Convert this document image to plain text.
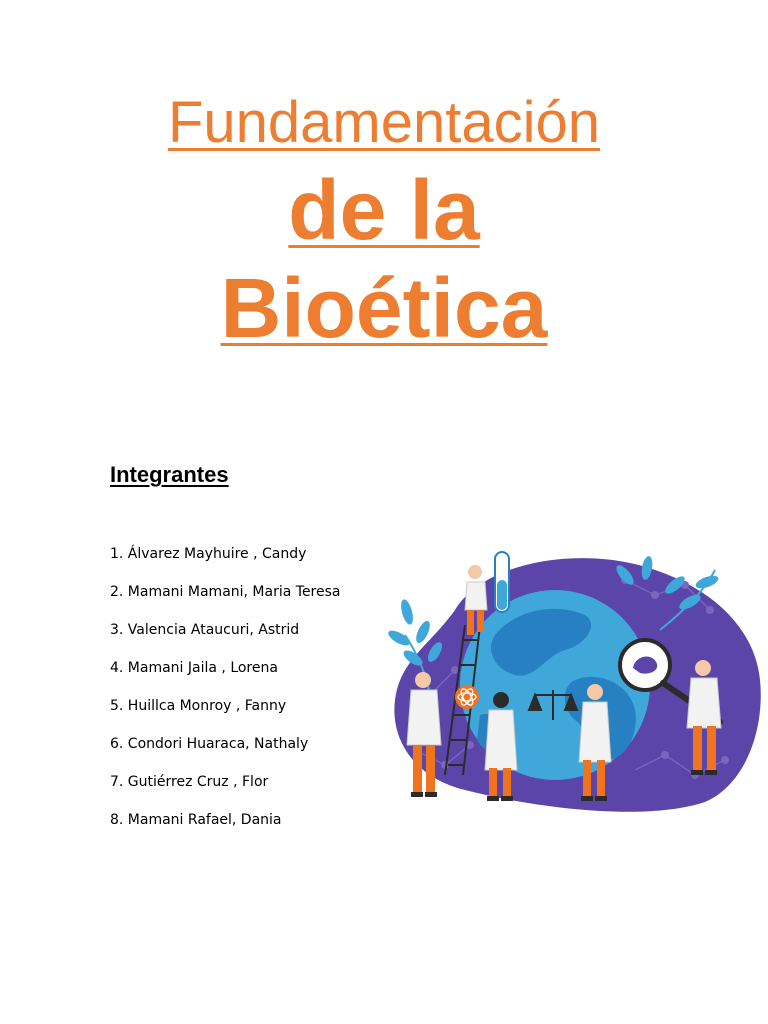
Fundamentación
de la
Bioética
Integrantes
1. Álvarez Mayhuire , Candy
2. Mamani Mamani, Maria Teresa
3. Valencia Ataucuri, Astrid
4. Mamani Jaila , Lorena
5. Huillca Monroy , Fanny
6. Condori Huaraca, Nathaly
7. Gutiérrez Cruz , Flor
8. Mamani Rafael, Dania
